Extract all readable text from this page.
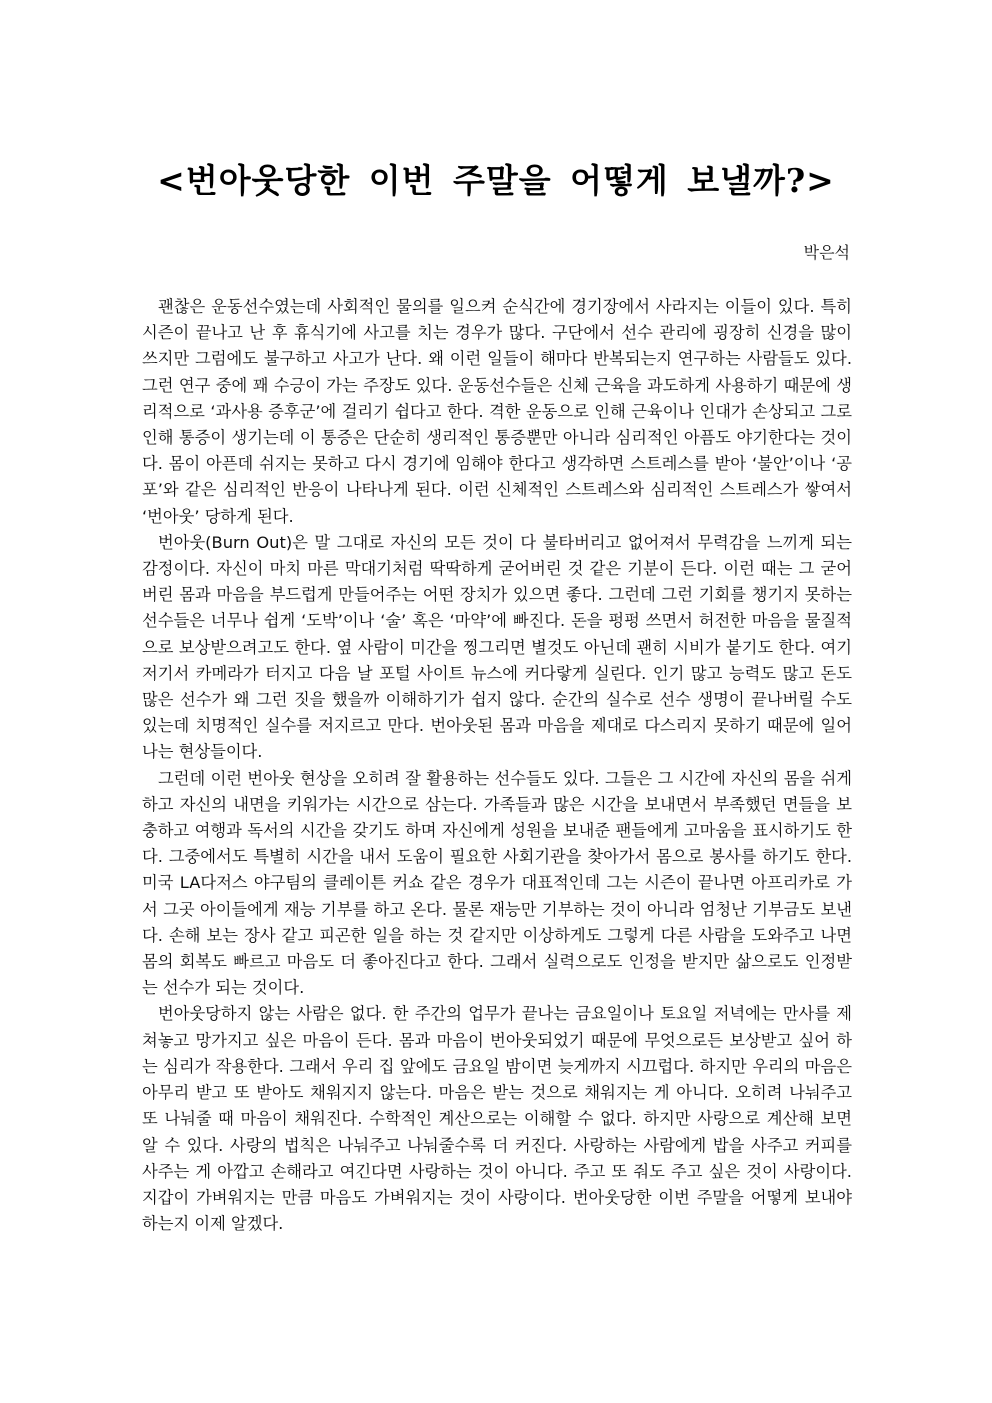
<번아웃당한 이번 주말을 어떻게 보낼까?>
박은석

괜찮은 운동선수였는데 사회적인 물의를 일으켜 순식간에 경기장에서 사라지는 이들이 있다. 특히 시즌이 끝나고 난 후 휴식기에 사고를 치는 경우가 많다. 구단에서 선수 관리에 굉장히 신경을 많이 쓰지만 그럼에도 불구하고 사고가 난다. 왜 이런 일들이 해마다 반복되는지 연구하는 사람들도 있다. 그런 연구 중에 꽤 수긍이 가는 주장도 있다. 운동선수들은 신체 근육을 과도하게 사용하기 때문에 생리적으로 ‘과사용 증후군’에 걸리기 쉽다고 한다. 격한 운동으로 인해 근육이나 인대가 손상되고 그로 인해 통증이 생기는데 이 통증은 단순히 생리적인 통증뿐만 아니라 심리적인 아픔도 야기한다는 것이다. 몸이 아픈데 쉬지는 못하고 다시 경기에 임해야 한다고 생각하면 스트레스를 받아 ‘불안’이나 ‘공포’와 같은 심리적인 반응이 나타나게 된다. 이런 신체적인 스트레스와 심리적인 스트레스가 쌓여서 ‘번아웃’ 당하게 된다.

번아웃(Burn Out)은 말 그대로 자신의 모든 것이 다 불타버리고 없어져서 무력감을 느끼게 되는 감정이다. 자신이 마치 마른 막대기처럼 딱딱하게 굳어버린 것 같은 기분이 든다. 이런 때는 그 굳어버린 몸과 마음을 부드럽게 만들어주는 어떤 장치가 있으면 좋다. 그런데 그런 기회를 챙기지 못하는 선수들은 너무나 쉽게 ‘도박’이나 ‘술’ 혹은 ‘마약’에 빠진다. 돈을 펑펑 쓰면서 허전한 마음을 물질적으로 보상받으려고도 한다. 옆 사람이 미간을 찡그리면 별것도 아닌데 괜히 시비가 붙기도 한다. 여기저기서 카메라가 터지고 다음 날 포털 사이트 뉴스에 커다랗게 실린다. 인기 많고 능력도 많고 돈도 많은 선수가 왜 그런 짓을 했을까 이해하기가 쉽지 않다. 순간의 실수로 선수 생명이 끝나버릴 수도 있는데 치명적인 실수를 저지르고 만다. 번아웃된 몸과 마음을 제대로 다스리지 못하기 때문에 일어나는 현상들이다.

그런데 이런 번아웃 현상을 오히려 잘 활용하는 선수들도 있다. 그들은 그 시간에 자신의 몸을 쉬게 하고 자신의 내면을 키워가는 시간으로 삼는다. 가족들과 많은 시간을 보내면서 부족했던 면들을 보충하고 여행과 독서의 시간을 갖기도 하며 자신에게 성원을 보내준 팬들에게 고마움을 표시하기도 한다. 그중에서도 특별히 시간을 내서 도움이 필요한 사회기관을 찾아가서 몸으로 봉사를 하기도 한다. 미국 LA다저스 야구팀의 클레이튼 커쇼 같은 경우가 대표적인데 그는 시즌이 끝나면 아프리카로 가서 그곳 아이들에게 재능 기부를 하고 온다. 물론 재능만 기부하는 것이 아니라 엄청난 기부금도 보낸다. 손해 보는 장사 같고 피곤한 일을 하는 것 같지만 이상하게도 그렇게 다른 사람을 도와주고 나면 몸의 회복도 빠르고 마음도 더 좋아진다고 한다. 그래서 실력으로도 인정을 받지만 삶으로도 인정받는 선수가 되는 것이다.

번아웃당하지 않는 사람은 없다. 한 주간의 업무가 끝나는 금요일이나 토요일 저녁에는 만사를 제쳐놓고 망가지고 싶은 마음이 든다. 몸과 마음이 번아웃되었기 때문에 무엇으로든 보상받고 싶어 하는 심리가 작용한다. 그래서 우리 집 앞에도 금요일 밤이면 늦게까지 시끄럽다. 하지만 우리의 마음은 아무리 받고 또 받아도 채워지지 않는다. 마음은 받는 것으로 채워지는 게 아니다. 오히려 나눠주고 또 나눠줄 때 마음이 채워진다. 수학적인 계산으로는 이해할 수 없다. 하지만 사랑으로 계산해 보면 알 수 있다. 사랑의 법칙은 나눠주고 나눠줄수록 더 커진다. 사랑하는 사람에게 밥을 사주고 커피를 사주는 게 아깝고 손해라고 여긴다면 사랑하는 것이 아니다. 주고 또 줘도 주고 싶은 것이 사랑이다. 지갑이 가벼워지는 만큼 마음도 가벼워지는 것이 사랑이다. 번아웃당한 이번 주말을 어떻게 보내야 하는지 이제 알겠다.
